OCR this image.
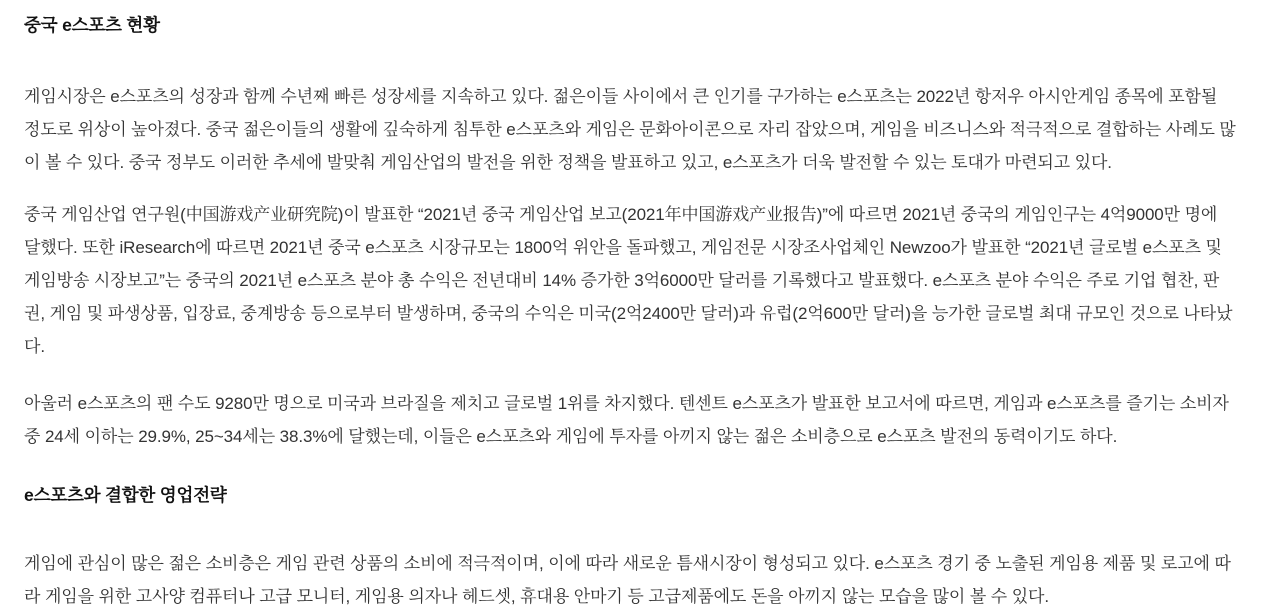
중국 e스포츠 현황

게임시장은 e스포츠의 성장과 함께 수년째 빠른 성장세를 지속하고 있다. 젊은이들 사이에서 큰 인기를 구가하는 e스포츠는 2022년 항저우 아시안게임 종목에 포함될 정도로 위상이 높아졌다. 중국 젊은이들의 생활에 깊숙하게 침투한 e스포츠와 게임은 문화아이콘으로 자리 잡았으며, 게임을 비즈니스와 적극적으로 결합하는 사례도 많이 볼 수 있다. 중국 정부도 이러한 추세에 발맞춰 게임산업의 발전을 위한 정책을 발표하고 있고, e스포츠가 더욱 발전할 수 있는 토대가 마련되고 있다.

중국 게임산업 연구원(中国游戏产业研究院)이 발표한 “2021년 중국 게임산업 보고(2021年中国游戏产业报告)”에 따르면 2021년 중국의 게임인구는 4억9000만 명에 달했다. 또한 iResearch에 따르면 2021년 중국 e스포츠 시장규모는 1800억 위안을 돌파했고, 게임전문 시장조사업체인 Newzoo가 발표한 “2021년 글로벌 e스포츠 및 게임방송 시장보고”는 중국의 2021년 e스포츠 분야 총 수익은 전년대비 14% 증가한 3억6000만 달러를 기록했다고 발표했다. e스포츠 분야 수익은 주로 기업 협찬, 판권, 게임 및 파생상품, 입장료, 중계방송 등으로부터 발생하며, 중국의 수익은 미국(2억2400만 달러)과 유럽(2억600만 달러)을 능가한 글로벌 최대 규모인 것으로 나타났다.

아울러 e스포츠의 팬 수도 9280만 명으로 미국과 브라질을 제치고 글로벌 1위를 차지했다. 텐센트 e스포츠가 발표한 보고서에 따르면, 게임과 e스포츠를 즐기는 소비자 중 24세 이하는 29.9%, 25~34세는 38.3%에 달했는데, 이들은 e스포츠와 게임에 투자를 아끼지 않는 젊은 소비층으로 e스포츠 발전의 동력이기도 하다.

e스포츠와 결합한 영업전략

게임에 관심이 많은 젊은 소비층은 게임 관련 상품의 소비에 적극적이며, 이에 따라 새로운 틈새시장이 형성되고 있다. e스포츠 경기 중 노출된 게임용 제품 및 로고에 따라 게임을 위한 고사양 컴퓨터나 고급 모니터, 게임용 의자나 헤드셋, 휴대용 안마기 등 고급제품에도 돈을 아끼지 않는 모습을 많이 볼 수 있다.
